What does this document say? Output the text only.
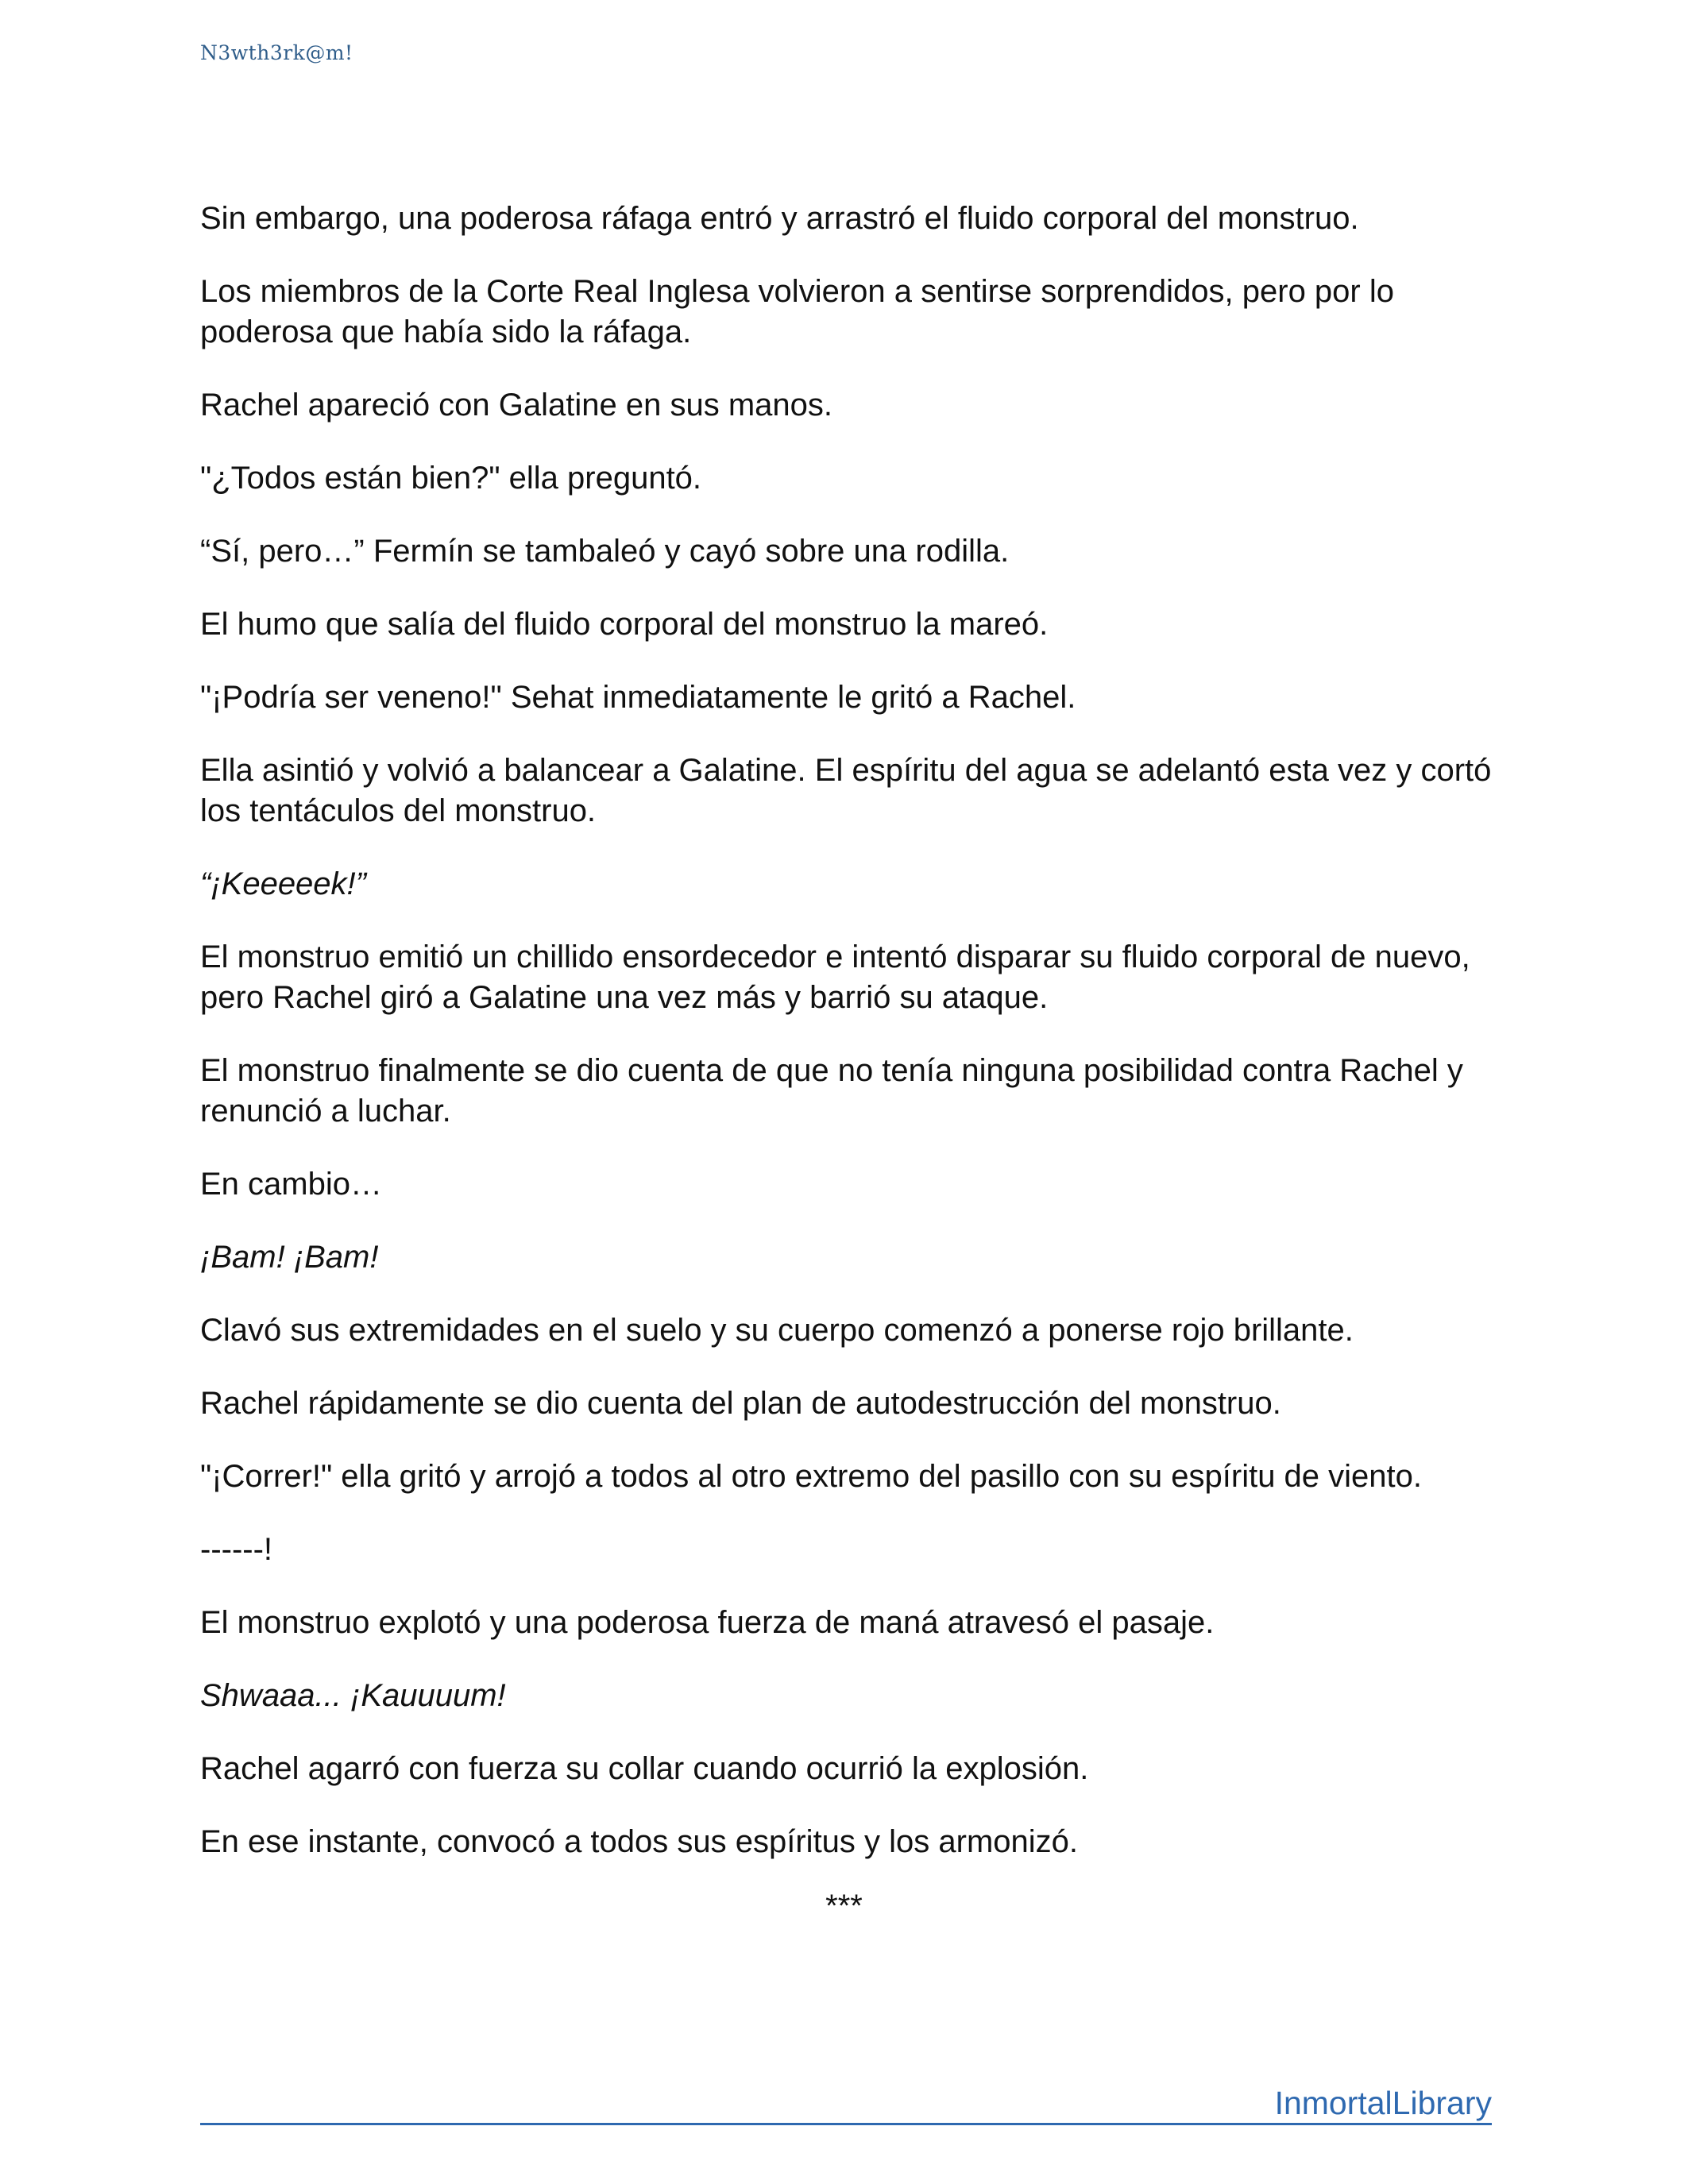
N3wth3rk@m!

Sin embargo, una poderosa ráfaga entró y arrastró el fluido corporal del monstruo.

Los miembros de la Corte Real Inglesa volvieron a sentirse sorprendidos, pero por lo poderosa que había sido la ráfaga.

Rachel apareció con Galatine en sus manos.

"¿Todos están bien?" ella preguntó.

“Sí, pero…” Fermín se tambaleó y cayó sobre una rodilla.

El humo que salía del fluido corporal del monstruo la mareó.

"¡Podría ser veneno!" Sehat inmediatamente le gritó a Rachel.

Ella asintió y volvió a balancear a Galatine. El espíritu del agua se adelantó esta vez y cortó los tentáculos del monstruo.

“¡Keeeeek!”

El monstruo emitió un chillido ensordecedor e intentó disparar su fluido corporal de nuevo, pero Rachel giró a Galatine una vez más y barrió su ataque.

El monstruo finalmente se dio cuenta de que no tenía ninguna posibilidad contra Rachel y renunció a luchar.

En cambio…

¡Bam! ¡Bam!

Clavó sus extremidades en el suelo y su cuerpo comenzó a ponerse rojo brillante.

Rachel rápidamente se dio cuenta del plan de autodestrucción del monstruo.

"¡Correr!" ella gritó y arrojó a todos al otro extremo del pasillo con su espíritu de viento.

------!

El monstruo explotó y una poderosa fuerza de maná atravesó el pasaje.

Shwaaa... ¡Kauuuum!

Rachel agarró con fuerza su collar cuando ocurrió la explosión.

En ese instante, convocó a todos sus espíritus y los armonizó.

***
InmortalLibrary
